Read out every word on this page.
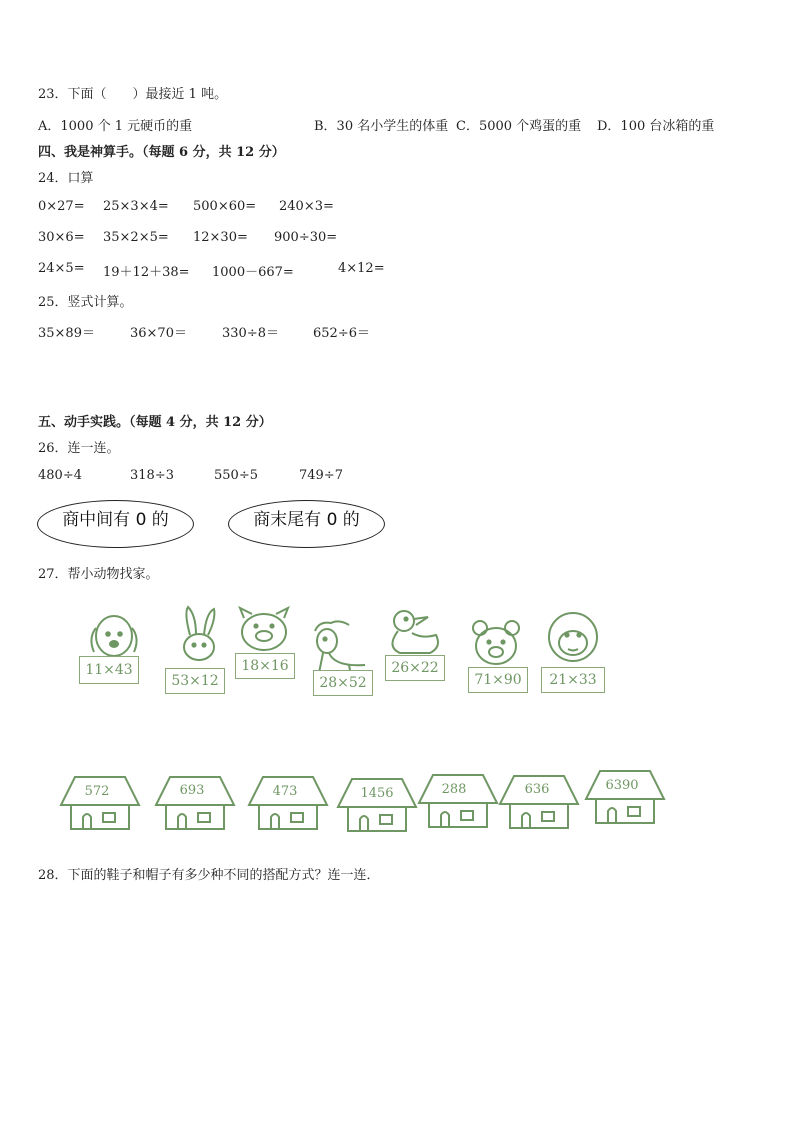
23．下面（　　）最接近 1 吨。
A．1000 个 1 元硬币的重	B．30 名小学生的体重 C．5000 个鸡蛋的重 D．100 台冰箱的重
四、我是神算手。（每题 6 分，共 12 分）
24．口算
0×27= 25×3×4= 500×60= 240×3=
30×6= 35×2×5= 12×30= 900÷30=
24×5= 19＋12＋38= 1000－667=	4×12=
25．竖式计算。
35×89＝	36×70＝	330÷8＝	652÷6＝
五、动手实践。（每题 4 分，共 12 分）
26．连一连。
480÷4	318÷3	550÷5	749÷7
商中间有 0 的	商末尾有 0 的
27．帮小动物找家。
11×43
53×12
18×16
28×52
26×22
71×90	21×33
572	693	473	1456	288	636	6390
28．下面的鞋子和帽子有多少种不同的搭配方式？连一连．
